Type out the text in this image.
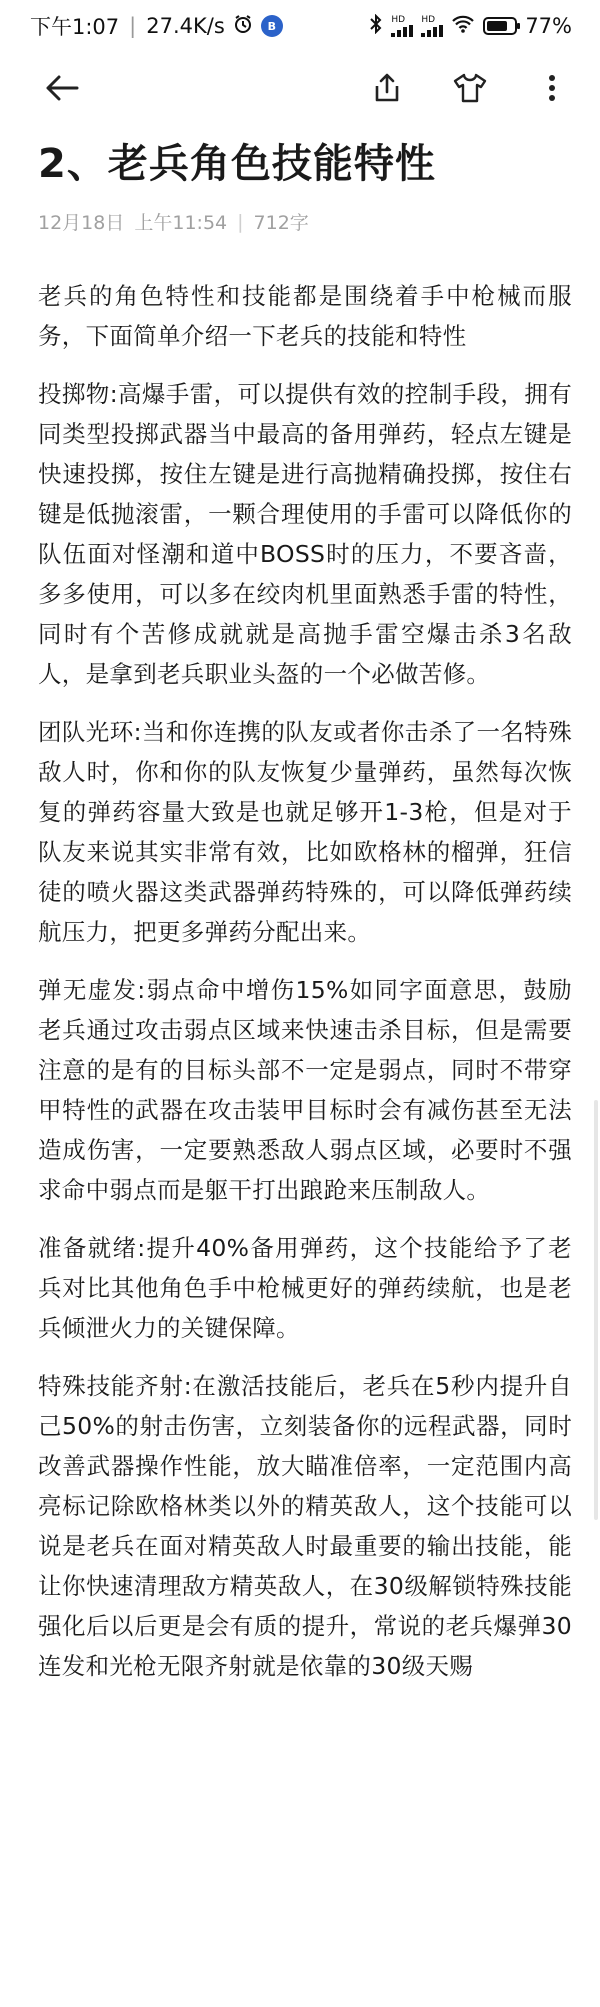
下午1:07 | 27.4K/s	B	HD HD	77%
2、老兵角色技能特性
12月18日 上午11:54 | 712字

老兵的角色特性和技能都是围绕着手中枪械而服务，下面简单介绍一下老兵的技能和特性

投掷物:高爆手雷，可以提供有效的控制手段，拥有同类型投掷武器当中最高的备用弹药，轻点左键是快速投掷，按住左键是进行高抛精确投掷，按住右键是低抛滚雷，一颗合理使用的手雷可以降低你的队伍面对怪潮和道中BOSS时的压力，不要吝啬，多多使用，可以多在绞肉机里面熟悉手雷的特性，同时有个苦修成就就是高抛手雷空爆击杀3名敌人，是拿到老兵职业头盔的一个必做苦修。

团队光环:当和你连携的队友或者你击杀了一名特殊敌人时，你和你的队友恢复少量弹药，虽然每次恢复的弹药容量大致是也就足够开1-3枪，但是对于队友来说其实非常有效，比如欧格林的榴弹，狂信徒的喷火器这类武器弹药特殊的，可以降低弹药续航压力，把更多弹药分配出来。

弹无虚发:弱点命中增伤15%如同字面意思，鼓励老兵通过攻击弱点区域来快速击杀目标，但是需要注意的是有的目标头部不一定是弱点，同时不带穿甲特性的武器在攻击装甲目标时会有减伤甚至无法造成伤害，一定要熟悉敌人弱点区域，必要时不强求命中弱点而是躯干打出踉跄来压制敌人。

准备就绪:提升40%备用弹药，这个技能给予了老兵对比其他角色手中枪械更好的弹药续航，也是老兵倾泄火力的关键保障。

特殊技能齐射:在激活技能后，老兵在5秒内提升自己50%的射击伤害，立刻装备你的远程武器，同时改善武器操作性能，放大瞄准倍率，一定范围内高亮标记除欧格林类以外的精英敌人，这个技能可以说是老兵在面对精英敌人时最重要的输出技能，能让你快速清理敌方精英敌人，在30级解锁特殊技能强化后以后更是会有质的提升，常说的老兵爆弹30连发和光枪无限齐射就是依靠的30级天赐
